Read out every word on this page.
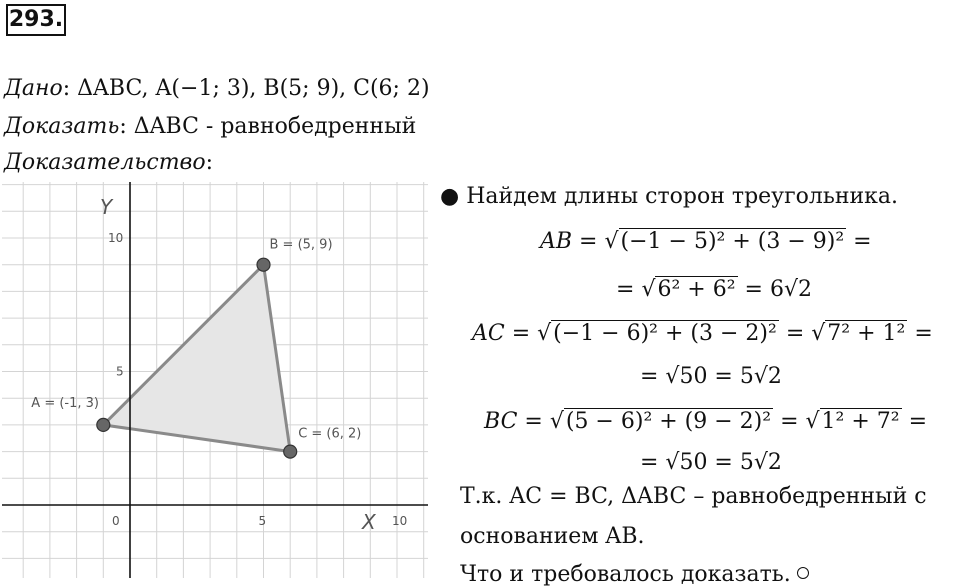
293.
Дано: ΔABC, A(−1; 3), B(5; 9), C(6; 2)
Доказать: ΔABC - равнобедренный
Доказательство:
A = (-1, 3)
B = (5, 9)
C = (6, 2)
0	5	10
5
10
X
Y	● Найдем длины сторон треугольника.
AB = √(−1 − 5)² + (3 − 9)² =
= √6² + 6² = 6√2
AC = √(−1 − 6)² + (3 − 2)² = √7² + 1² =
= √50 = 5√2
BC = √(5 − 6)² + (9 − 2)² = √1² + 7² =
= √50 = 5√2
Т.к. AC = BC, ΔABC – равнобедренный с
основанием AB.
Что и требовалось доказать.
